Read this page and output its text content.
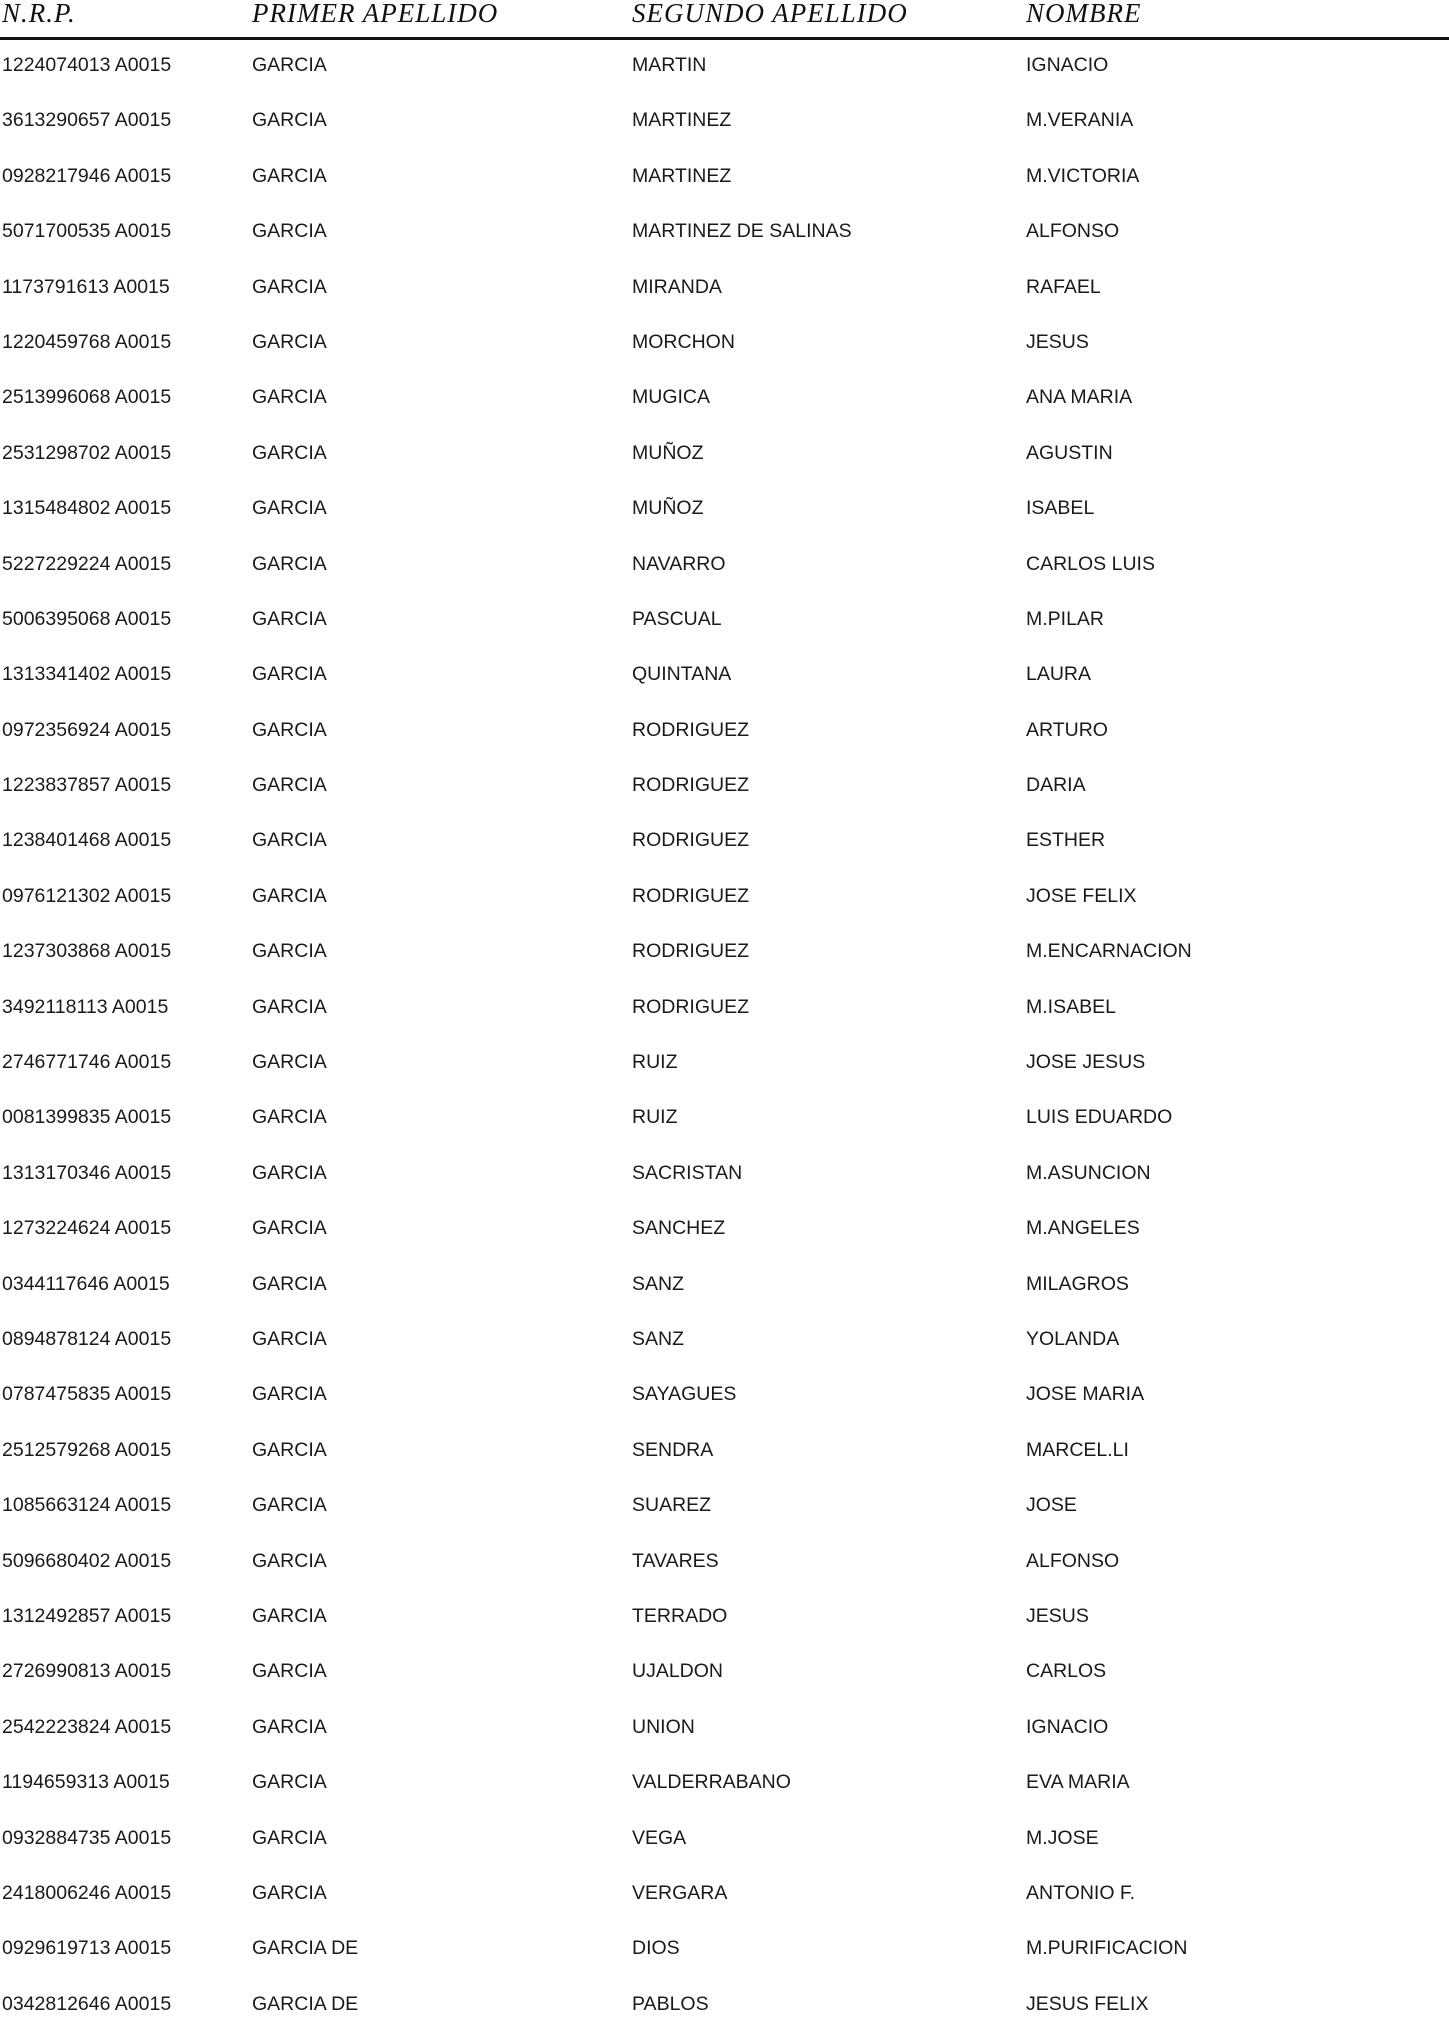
N.R.P.	PRIMER APELLIDO	SEGUNDO APELLIDO	NOMBRE
1224074013 A0015	GARCIA	MARTIN	IGNACIO
3613290657 A0015	GARCIA	MARTINEZ	M.VERANIA
0928217946 A0015	GARCIA	MARTINEZ	M.VICTORIA
5071700535 A0015	GARCIA	MARTINEZ DE SALINAS	ALFONSO
1173791613 A0015	GARCIA	MIRANDA	RAFAEL
1220459768 A0015	GARCIA	MORCHON	JESUS
2513996068 A0015	GARCIA	MUGICA	ANA MARIA
2531298702 A0015	GARCIA	MUÑOZ	AGUSTIN
1315484802 A0015	GARCIA	MUÑOZ	ISABEL
5227229224 A0015	GARCIA	NAVARRO	CARLOS LUIS
5006395068 A0015	GARCIA	PASCUAL	M.PILAR
1313341402 A0015	GARCIA	QUINTANA	LAURA
0972356924 A0015	GARCIA	RODRIGUEZ	ARTURO
1223837857 A0015	GARCIA	RODRIGUEZ	DARIA
1238401468 A0015	GARCIA	RODRIGUEZ	ESTHER
0976121302 A0015	GARCIA	RODRIGUEZ	JOSE FELIX
1237303868 A0015	GARCIA	RODRIGUEZ	M.ENCARNACION
3492118113 A0015	GARCIA	RODRIGUEZ	M.ISABEL
2746771746 A0015	GARCIA	RUIZ	JOSE JESUS
0081399835 A0015	GARCIA	RUIZ	LUIS EDUARDO
1313170346 A0015	GARCIA	SACRISTAN	M.ASUNCION
1273224624 A0015	GARCIA	SANCHEZ	M.ANGELES
0344117646 A0015	GARCIA	SANZ	MILAGROS
0894878124 A0015	GARCIA	SANZ	YOLANDA
0787475835 A0015	GARCIA	SAYAGUES	JOSE MARIA
2512579268 A0015	GARCIA	SENDRA	MARCEL.LI
1085663124 A0015	GARCIA	SUAREZ	JOSE
5096680402 A0015	GARCIA	TAVARES	ALFONSO
1312492857 A0015	GARCIA	TERRADO	JESUS
2726990813 A0015	GARCIA	UJALDON	CARLOS
2542223824 A0015	GARCIA	UNION	IGNACIO
1194659313 A0015	GARCIA	VALDERRABANO	EVA MARIA
0932884735 A0015	GARCIA	VEGA	M.JOSE
2418006246 A0015	GARCIA	VERGARA	ANTONIO F.
0929619713 A0015	GARCIA DE	DIOS	M.PURIFICACION
0342812646 A0015	GARCIA DE	PABLOS	JESUS FELIX
